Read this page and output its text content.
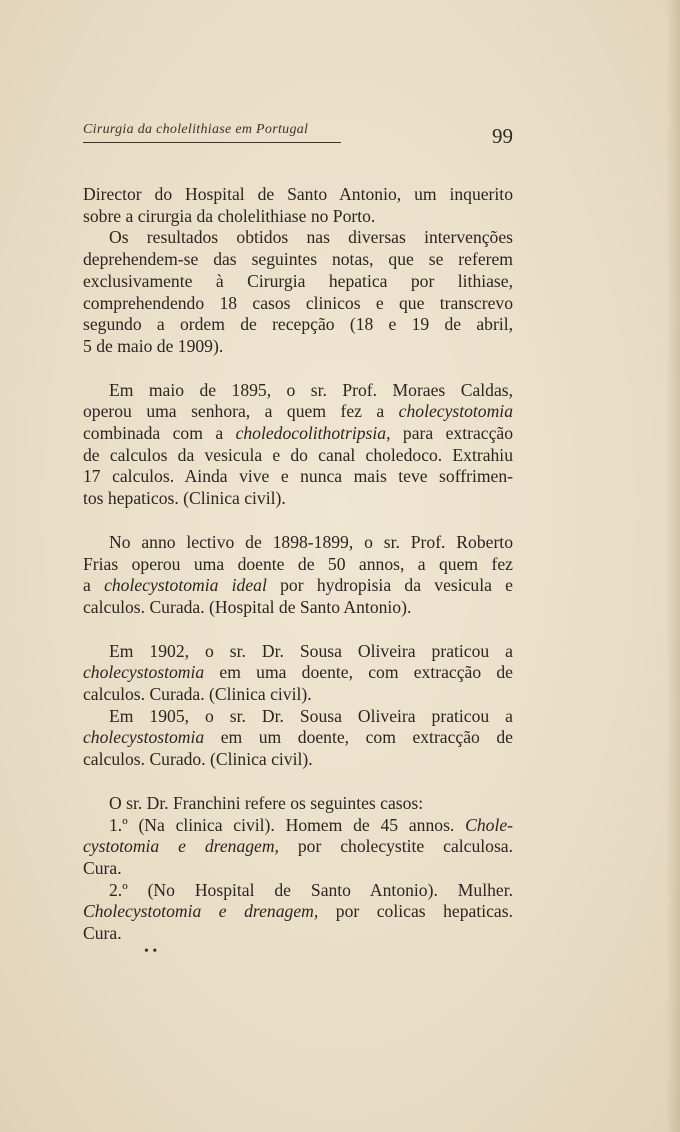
Cirurgia da cholelithiase em Portugal	99

Director do Hospital de Santo Antonio, um inquerito
sobre a cirurgia da cholelithiase no Porto.

Os resultados obtidos nas diversas intervenções
deprehendem-se das seguintes notas, que se referem
exclusivamente à Cirurgia hepatica por lithiase,
comprehendendo 18 casos clinicos e que transcrevo
segundo a ordem de recepção (18 e 19 de abril,
5 de maio de 1909).

Em maio de 1895, o sr. Prof. Moraes Caldas,
operou uma senhora, a quem fez a cholecystotomia
combinada com a choledocolithotripsia, para extracção
de calculos da vesicula e do canal choledoco. Extrahiu
17 calculos. Ainda vive e nunca mais teve soffrimen-
tos hepaticos. (Clinica civil).

No anno lectivo de 1898-1899, o sr. Prof. Roberto
Frias operou uma doente de 50 annos, a quem fez
a cholecystotomia ideal por hydropisia da vesicula e
calculos. Curada. (Hospital de Santo Antonio).

Em 1902, o sr. Dr. Sousa Oliveira praticou a
cholecystostomia em uma doente, com extracção de
calculos. Curada. (Clinica civil).

Em 1905, o sr. Dr. Sousa Oliveira praticou a
cholecystostomia em um doente, com extracção de
calculos. Curado. (Clinica civil).

O sr. Dr. Franchini refere os seguintes casos:

1.º (Na clinica civil). Homem de 45 annos. Chole-
cystotomia e drenagem, por cholecystite calculosa.
Cura.

2.º (No Hospital de Santo Antonio). Mulher.
Cholecystotomia e drenagem, por colicas hepaticas.
Cura.

• •
